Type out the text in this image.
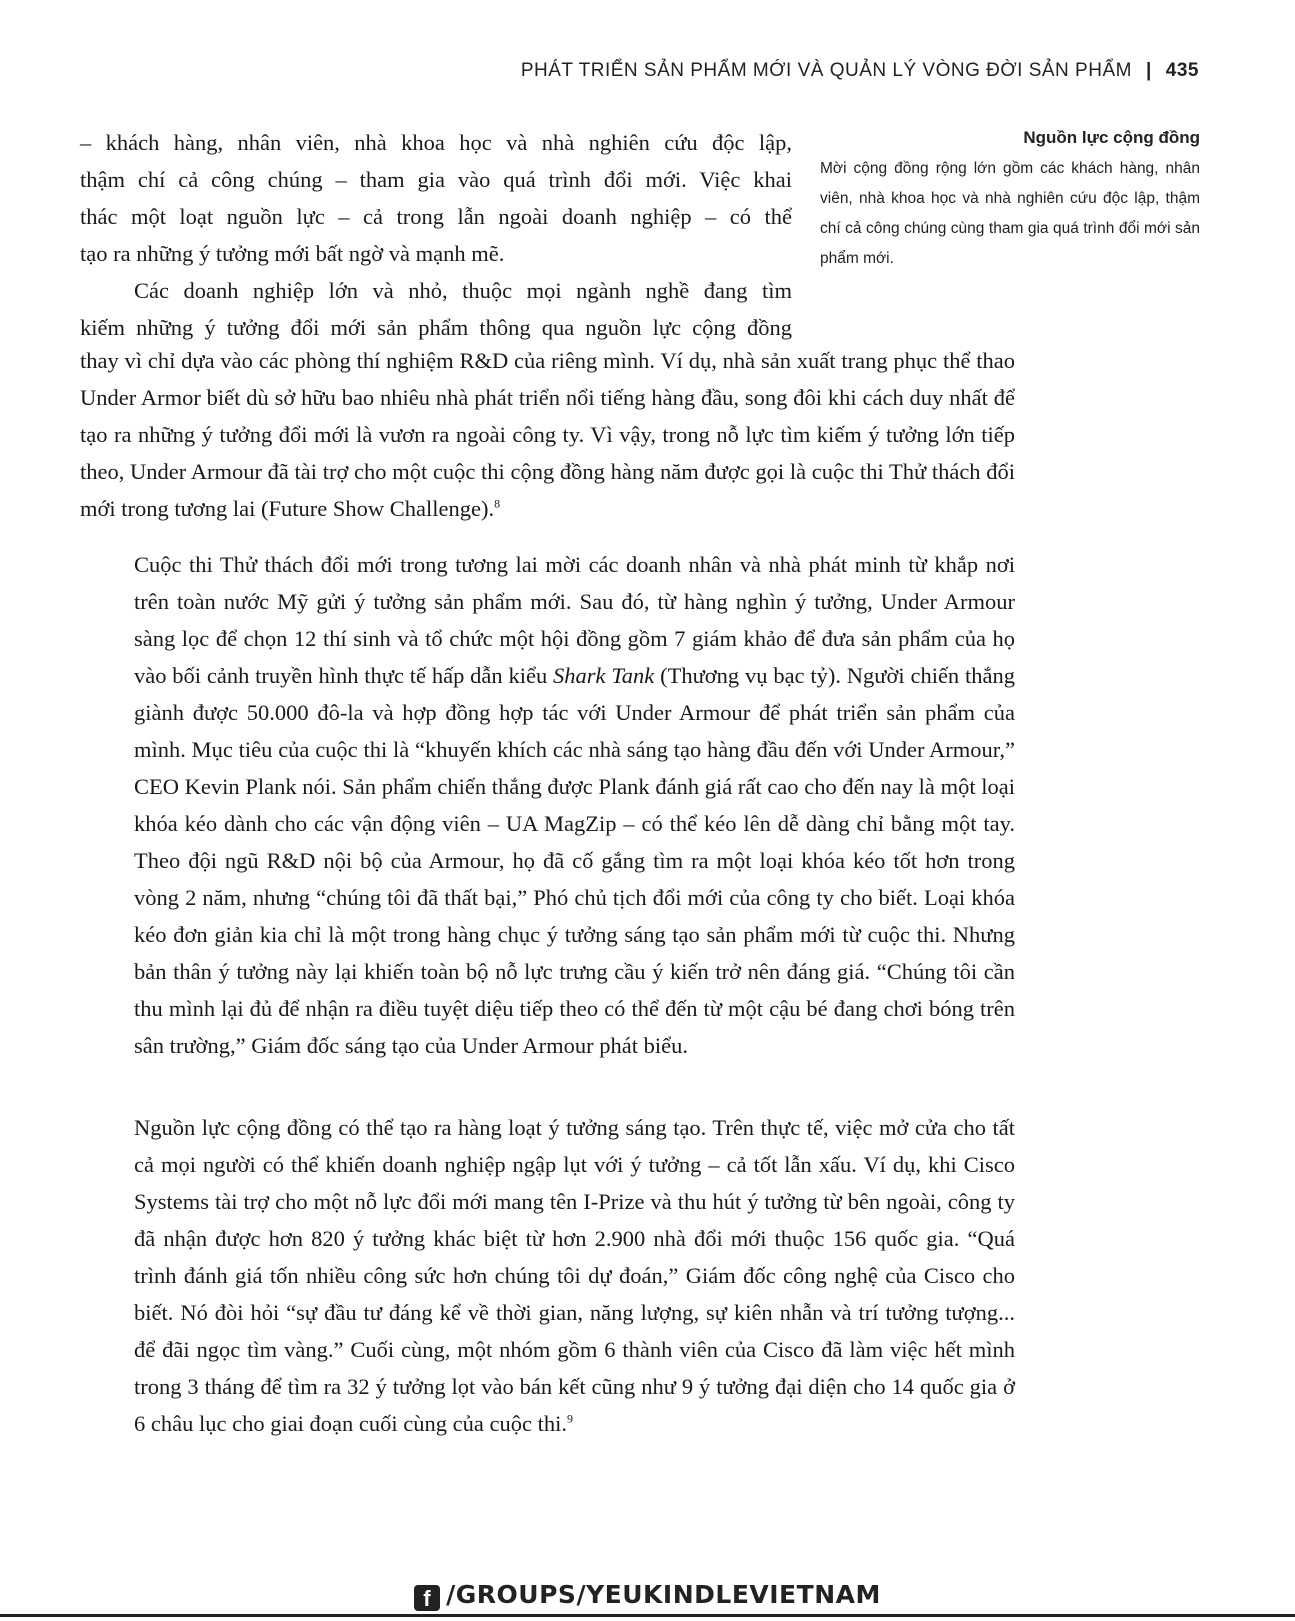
PHÁT TRIỂN SẢN PHẨM MỚI VÀ QUẢN LÝ VÒNG ĐỜI SẢN PHẨM | 435
– khách hàng, nhân viên, nhà khoa học và nhà nghiên cứu độc lập,
thậm chí cả công chúng – tham gia vào quá trình đổi mới. Việc khai
thác một loạt nguồn lực – cả trong lẫn ngoài doanh nghiệp – có thể
tạo ra những ý tưởng mới bất ngờ và mạnh mẽ.
Các doanh nghiệp lớn và nhỏ, thuộc mọi ngành nghề đang tìm
kiếm những ý tưởng đổi mới sản phẩm thông qua nguồn lực cộng đồng
Nguồn lực cộng đồng
Mời cộng đồng rộng lớn gồm các khách hàng, nhân viên, nhà khoa học và nhà nghiên cứu độc lập, thậm chí cả công chúng cùng tham gia quá trình đổi mới sản phẩm mới.

thay vì chỉ dựa vào các phòng thí nghiệm R&D của riêng mình. Ví dụ, nhà sản xuất trang phục thể thao Under Armor biết dù sở hữu bao nhiêu nhà phát triển nổi tiếng hàng đầu, song đôi khi cách duy nhất để tạo ra những ý tưởng đổi mới là vươn ra ngoài công ty. Vì vậy, trong nỗ lực tìm kiếm ý tưởng lớn tiếp theo, Under Armour đã tài trợ cho một cuộc thi cộng đồng hàng năm được gọi là cuộc thi Thử thách đổi mới trong tương lai (Future Show Challenge).$^8$

Cuộc thi Thử thách đổi mới trong tương lai mời các doanh nhân và nhà phát minh từ khắp nơi trên toàn nước Mỹ gửi ý tưởng sản phẩm mới. Sau đó, từ hàng nghìn ý tưởng, Under Armour sàng lọc để chọn 12 thí sinh và tổ chức một hội đồng gồm 7 giám khảo để đưa sản phẩm của họ vào bối cảnh truyền hình thực tế hấp dẫn kiểu Shark Tank (Thương vụ bạc tỷ). Người chiến thắng giành được 50.000 đô-la và hợp đồng hợp tác với Under Armour để phát triển sản phẩm của mình. Mục tiêu của cuộc thi là “khuyến khích các nhà sáng tạo hàng đầu đến với Under Armour,” CEO Kevin Plank nói. Sản phẩm chiến thắng được Plank đánh giá rất cao cho đến nay là một loại khóa kéo dành cho các vận động viên – UA MagZip – có thể kéo lên dễ dàng chỉ bằng một tay. Theo đội ngũ R&D nội bộ của Armour, họ đã cố gắng tìm ra một loại khóa kéo tốt hơn trong vòng 2 năm, nhưng “chúng tôi đã thất bại,” Phó chủ tịch đổi mới của công ty cho biết. Loại khóa kéo đơn giản kia chỉ là một trong hàng chục ý tưởng sáng tạo sản phẩm mới từ cuộc thi. Nhưng bản thân ý tưởng này lại khiến toàn bộ nỗ lực trưng cầu ý kiến trở nên đáng giá. “Chúng tôi cần thu mình lại đủ để nhận ra điều tuyệt diệu tiếp theo có thể đến từ một cậu bé đang chơi bóng trên sân trường,” Giám đốc sáng tạo của Under Armour phát biểu.

Nguồn lực cộng đồng có thể tạo ra hàng loạt ý tưởng sáng tạo. Trên thực tế, việc mở cửa cho tất cả mọi người có thể khiến doanh nghiệp ngập lụt với ý tưởng – cả tốt lẫn xấu. Ví dụ, khi Cisco Systems tài trợ cho một nỗ lực đổi mới mang tên I-Prize và thu hút ý tưởng từ bên ngoài, công ty đã nhận được hơn 820 ý tưởng khác biệt từ hơn 2.900 nhà đổi mới thuộc 156 quốc gia. “Quá trình đánh giá tốn nhiều công sức hơn chúng tôi dự đoán,” Giám đốc công nghệ của Cisco cho biết. Nó đòi hỏi “sự đầu tư đáng kể về thời gian, năng lượng, sự kiên nhẫn và trí tưởng tượng... để đãi ngọc tìm vàng.” Cuối cùng, một nhóm gồm 6 thành viên của Cisco đã làm việc hết mình trong 3 tháng để tìm ra 32 ý tưởng lọt vào bán kết cũng như 9 ý tưởng đại diện cho 14 quốc gia ở 6 châu lục cho giai đoạn cuối cùng của cuộc thi.$^9$

f /GROUPS/YEUKINDLEVIETNAM
